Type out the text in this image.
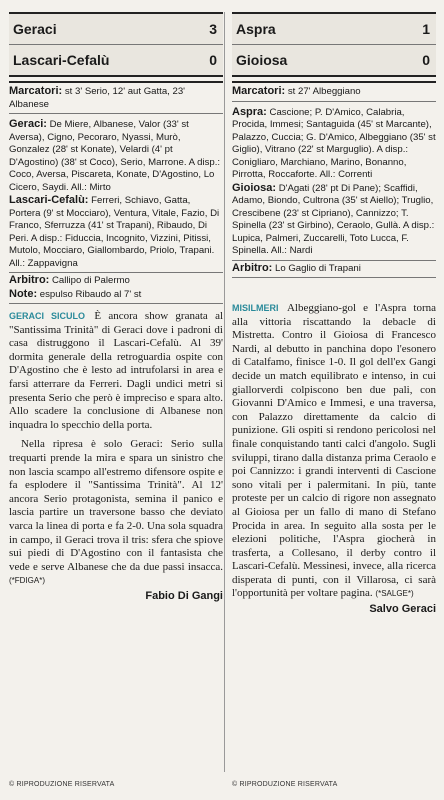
Geraci	3
Lascari-Cefalù	0

Marcatori: st 3' Serio, 12' aut Gatta, 23' Albanese

Geraci: De Miere, Albanese, Valor (33' st Aversa), Cigno, Pecoraro, Nyassi, Murò, Gonzalez (28' st Konate), Velardi (4' pt D'Agostino) (38' st Coco), Serio, Marrone. A disp.: Coco, Aversa, Piscareta, Konate, D'Agostino, Lo Cicero, Saydi. All.: Mirto

Lascari-Cefalù: Ferreri, Schiavo, Gatta, Portera (9' st Mocciaro), Ventura, Vitale, Fazio, Di Franco, Sferruzza (41' st Trapani), Ribaudo, Di Peri. A disp.: Fiduccia, Incognito, Vizzini, Pitissi, Mutolo, Mocciaro, Giallombardo, Priolo, Trapani. All.: Zappavigna

Arbitro: Callipo di Palermo

Note: espulso Ribaudo al 7' st

GERACI SICULO È ancora show granata al "Santissima Trinità" di Geraci dove i padroni di casa distruggono il Lascari-Cefalù. Al 39' dormita generale della retroguardia ospite con D'Agostino che è lesto ad intrufolarsi in area e farsi atterrare da Ferreri. Dagli undici metri si presenta Serio che però è impreciso e spara alto. Allo scadere la conclusione di Albanese non inquadra lo specchio della porta.

Nella ripresa è solo Geraci: Serio sulla trequarti prende la mira e spara un sinistro che non lascia scampo all'estremo difensore ospite e fa esplodere il "Santissima Trinità". Al 12' ancora Serio protagonista, semina il panico e lascia partire un traversone basso che deviato varca la linea di porta e fa 2-0. Una sola squadra in campo, il Geraci trova il tris: sfera che spiove sui piedi di D'Agostino con il fantasista che vede e serve Albanese che da due passi insacca. (*FDIGA*)

Fabio Di Gangi
© RIPRODUZIONE RISERVATA
Aspra	1
Gioiosa	0

Marcatori: st 27' Albeggiano

Aspra: Cascione; P. D'Amico, Calabria, Procida, Immesi; Santaguida (45' st Marcante), Palazzo, Cuccia; G. D'Amico, Albeggiano (35' st Giglio), Vitrano (22' st Marguglio). A disp.: Conigliaro, Marchiano, Marino, Bonanno, Pirrotta, Roccaforte. All.: Correnti

Gioiosa: D'Agati (28' pt Di Pane); Scaffidi, Adamo, Biondo, Cultrona (35' st Aiello); Truglio, Crescibene (23' st Cipriano), Cannizzo; T. Spinella (23' st Girbino), Ceraolo, Gullà. A disp.: Lupica, Palmeri, Zuccarelli, Toto Lucca, F. Spinella. All.: Nardi

Arbitro: Lo Gaglio di Trapani

MISILMERI Albeggiano-gol e l'Aspra torna alla vittoria riscattando la debacle di Mistretta. Contro il Gioiosa di Francesco Nardi, al debutto in panchina dopo l'esonero di Catalfamo, finisce 1-0. Il gol dell'ex Gangi decide un match equilibrato e intenso, in cui giallorverdi colpiscono ben due pali, con Giovanni D'Amico e Immesi, e una traversa, con Palazzo direttamente da calcio di punizione. Gli ospiti si rendono pericolosi nel finale conquistando tanti calci d'angolo. Sugli sviluppi, tirano dalla distanza prima Ceraolo e poi Cannizzo: i grandi interventi di Cascione sono vitali per i palermitani. In più, tante proteste per un calcio di rigore non assegnato al Gioiosa per un fallo di mano di Stefano Procida in area. In seguito alla sosta per le elezioni politiche, l'Aspra giocherà in trasferta, a Collesano, il derby contro il Lascari-Cefalù. Messinesi, invece, alla ricerca disperata di punti, con il Villarosa, ci sarà l'opportunità per voltare pagina. (*SALGE*)

Salvo Geraci
© RIPRODUZIONE RISERVATA
